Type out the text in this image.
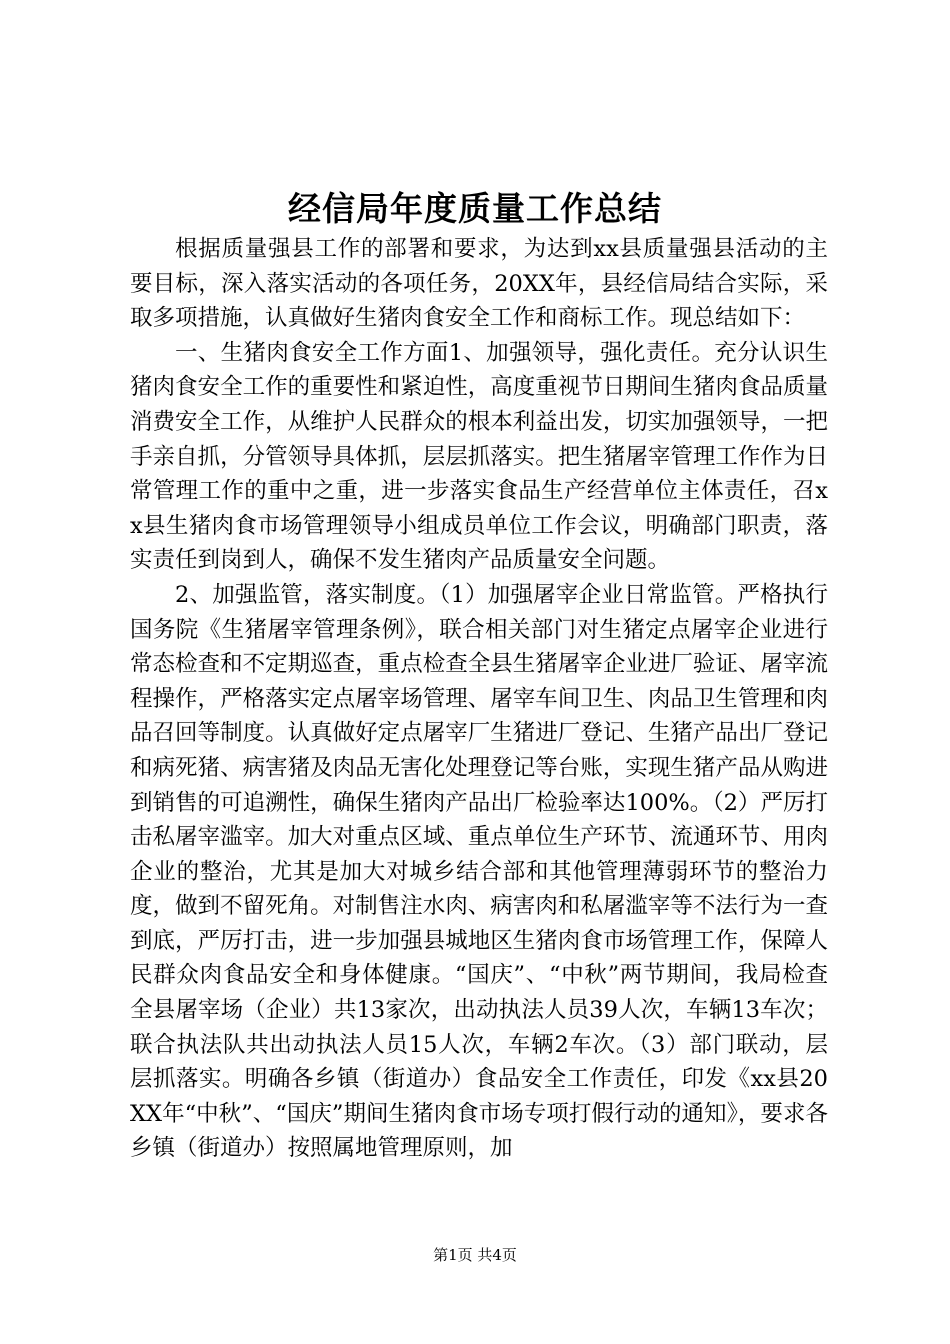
经信局年度质量工作总结

根据质量强县工作的部署和要求，为达到xx县质量强县活动的主要目标，深入落实活动的各项任务，20XX年，县经信局结合实际，采取多项措施，认真做好生猪肉食安全工作和商标工作。现总结如下：

一、生猪肉食安全工作方面1、加强领导，强化责任。充分认识生猪肉食安全工作的重要性和紧迫性，高度重视节日期间生猪肉食品质量消费安全工作，从维护人民群众的根本利益出发，切实加强领导，一把手亲自抓，分管领导具体抓，层层抓落实。把生猪屠宰管理工作作为日常管理工作的重中之重，进一步落实食品生产经营单位主体责任，召xx县生猪肉食市场管理领导小组成员单位工作会议，明确部门职责，落实责任到岗到人，确保不发生猪肉产品质量安全问题。

2、加强监管，落实制度。（1）加强屠宰企业日常监管。严格执行国务院《生猪屠宰管理条例》，联合相关部门对生猪定点屠宰企业进行常态检查和不定期巡查，重点检查全县生猪屠宰企业进厂验证、屠宰流程操作，严格落实定点屠宰场管理、屠宰车间卫生、肉品卫生管理和肉品召回等制度。认真做好定点屠宰厂生猪进厂登记、生猪产品出厂登记和病死猪、病害猪及肉品无害化处理登记等台账，实现生猪产品从购进到销售的可追溯性，确保生猪肉产品出厂检验率达100%。（2）严厉打击私屠宰滥宰。加大对重点区域、重点单位生产环节、流通环节、用肉企业的整治，尤其是加大对城乡结合部和其他管理薄弱环节的整治力度，做到不留死角。对制售注水肉、病害肉和私屠滥宰等不法行为一查到底，严厉打击，进一步加强县城地区生猪肉食市场管理工作，保障人民群众肉食品安全和身体健康。“国庆”、“中秋”两节期间，我局检查全县屠宰场（企业）共13家次，出动执法人员39人次，车辆13车次；联合执法队共出动执法人员15人次，车辆2车次。（3）部门联动，层层抓落实。明确各乡镇（街道办）食品安全工作责任，印发《xx县20XX年“中秋”、“国庆”期间生猪肉食市场专项打假行动的通知》，要求各乡镇（街道办）按照属地管理原则，加

第1页 共4页
